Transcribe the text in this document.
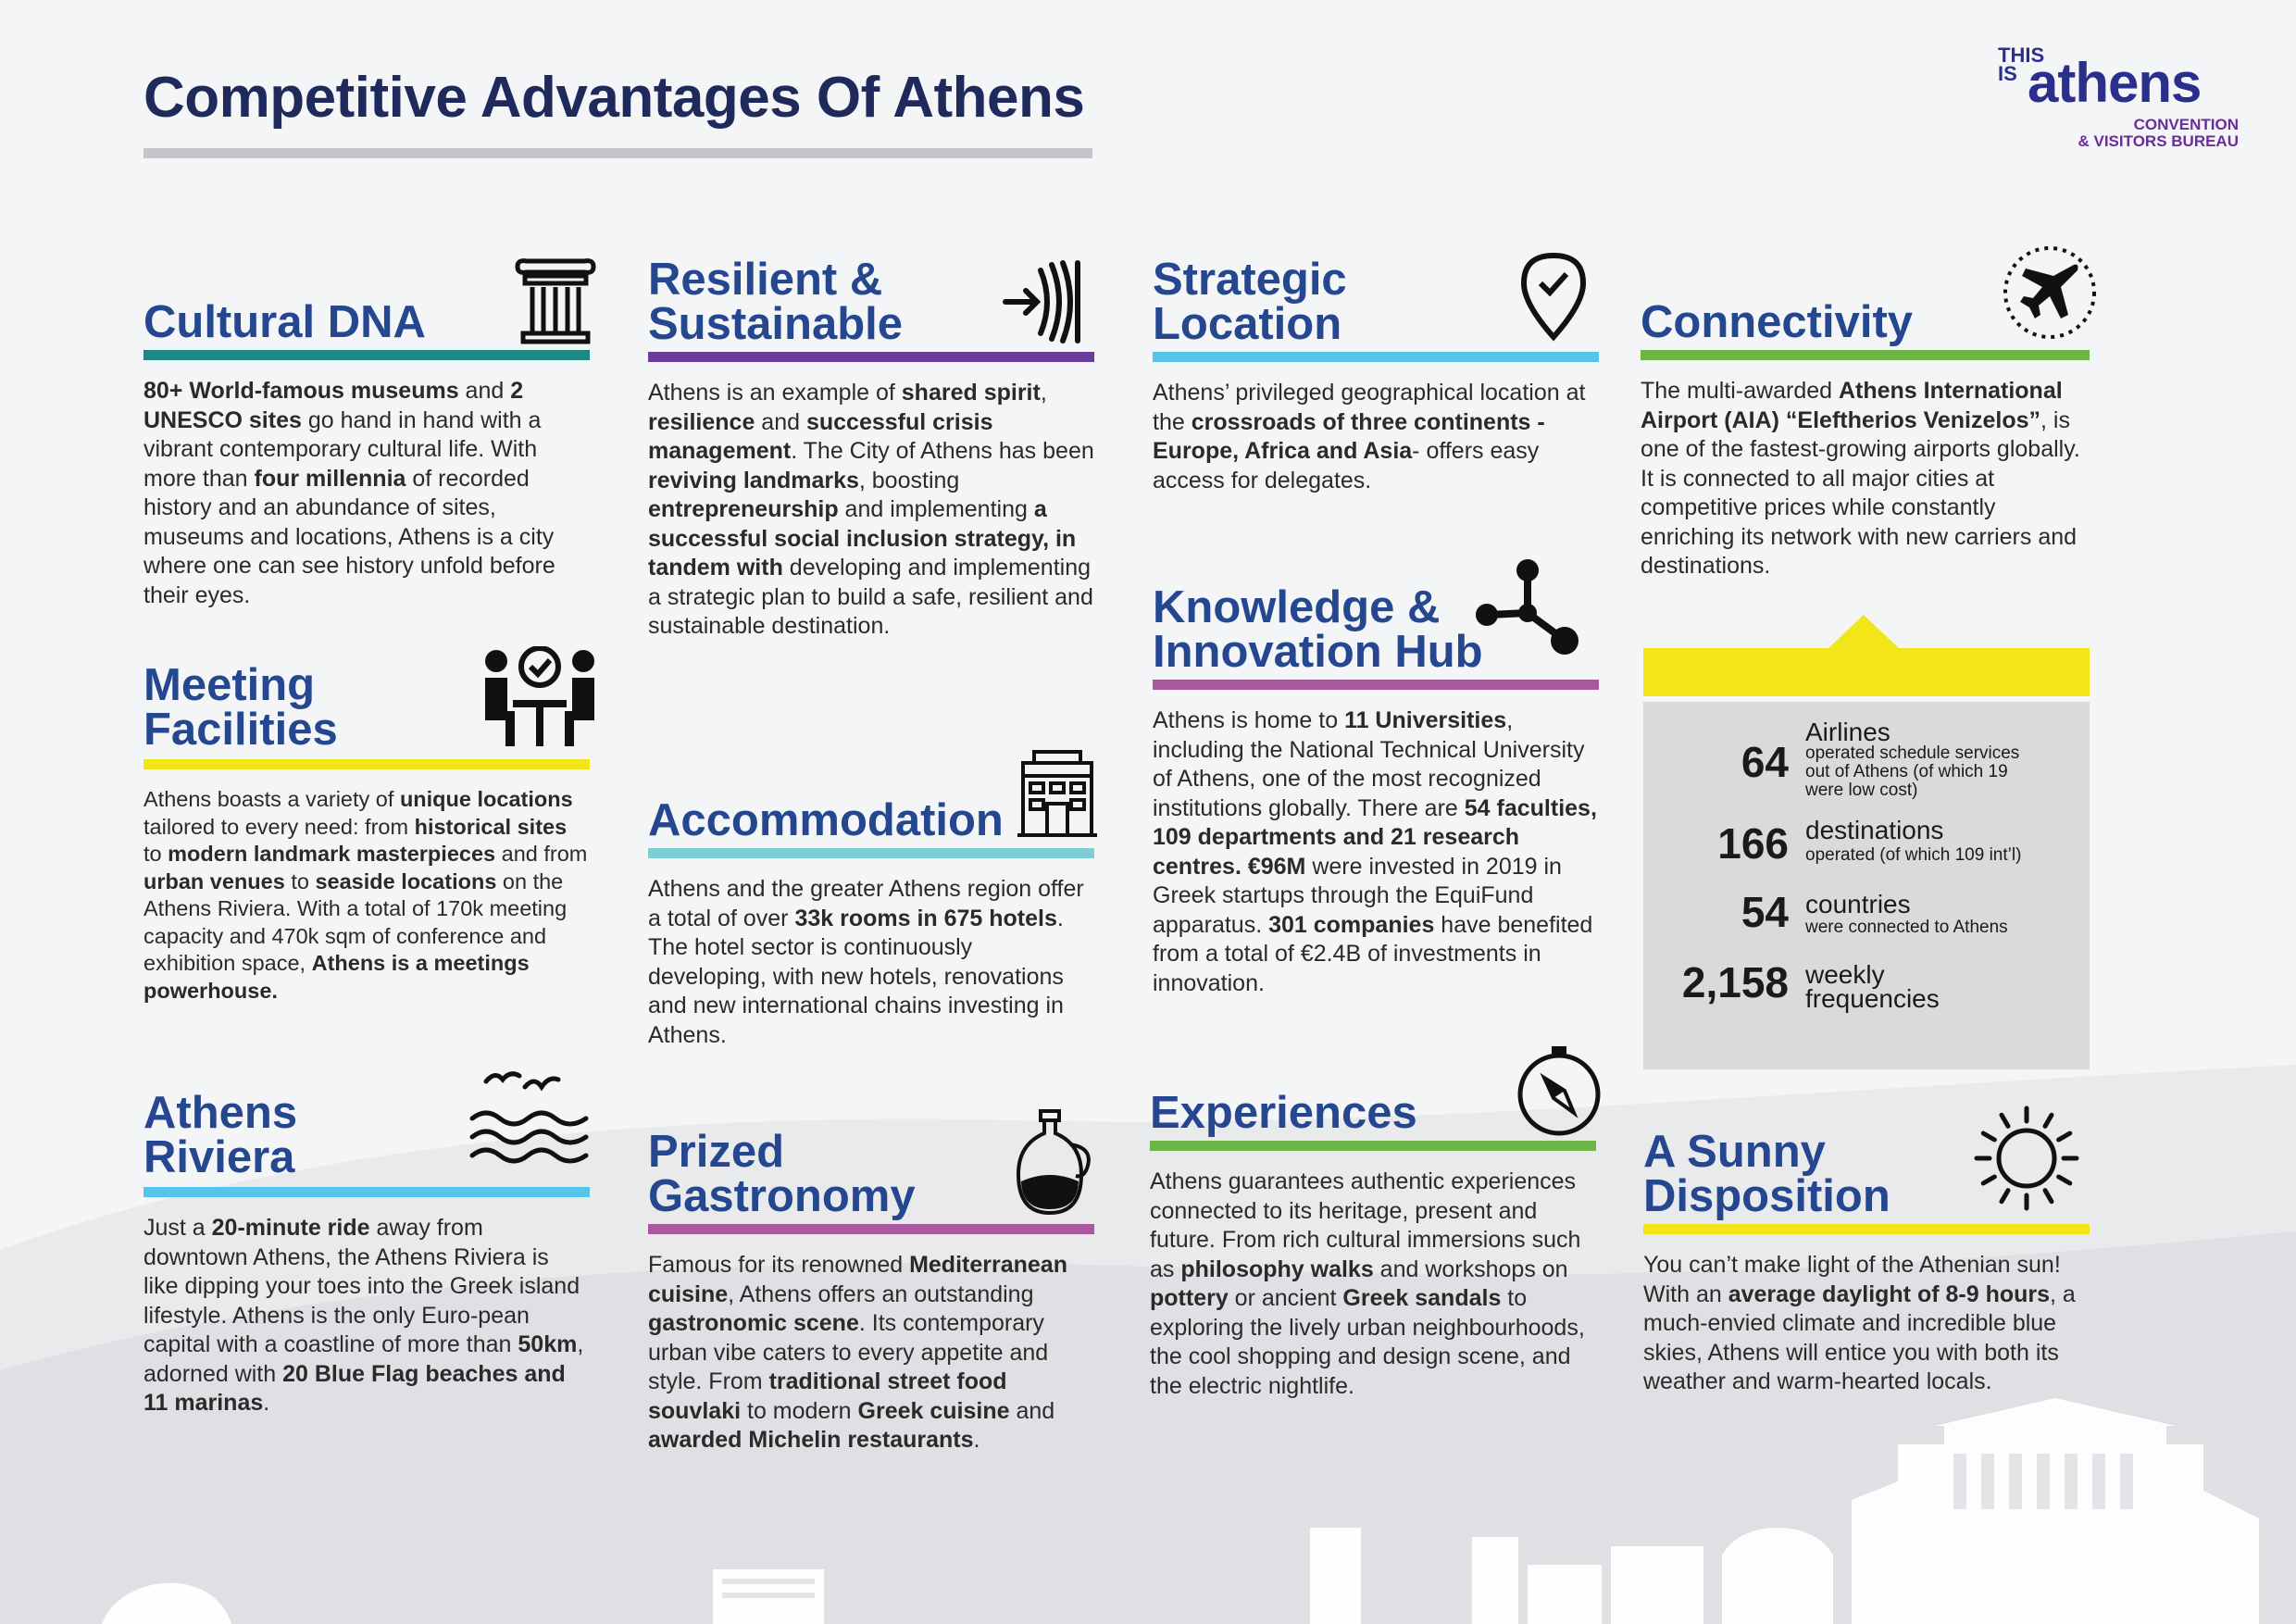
Competitive Advantages Of Athens
THIS
IS athens
CONVENTION
& VISITORS BUREAU
Cultural DNA
80+ World-famous museums and 2 UNESCO sites go hand in hand with a vibrant contemporary cultural life. With more than four millennia of recorded history and an abundance of sites, museums and locations, Athens is a city where one can see history unfold before their eyes.
Meeting Facilities
Athens boasts a variety of unique locations tailored to every need: from historical sites to modern landmark masterpieces and from urban venues to seaside locations on the Athens Riviera. With a total of 170k meeting capacity and 470k sqm of conference and exhibition space, Athens is a meetings powerhouse.
Athens Riviera
Just a 20-minute ride away from downtown Athens, the Athens Riviera is like dipping your toes into the Greek island lifestyle. Athens is the only Euro-pean capital with a coastline of more than 50km, adorned with 20 Blue Flag beaches and 11 marinas.
Resilient & Sustainable
Athens is an example of shared spirit, resilience and successful crisis management. The City of Athens has been reviving landmarks, boosting entrepreneurship and implementing a successful social inclusion strategy, in tandem with developing and implementing a strategic plan to build a safe, resilient and sustainable destination.
Accommodation
Athens and the greater Athens region offer a total of over 33k rooms in 675 hotels. The hotel sector is continuously developing, with new hotels, renovations and new international chains investing in Athens.
Prized Gastronomy
Famous for its renowned Mediterranean cuisine, Athens offers an outstanding gastronomic scene. Its contemporary urban vibe caters to every appetite and style. From traditional street food souvlaki to modern Greek cuisine and awarded Michelin restaurants.
Strategic Location
Athens’ privileged geographical location at the crossroads of three continents -Europe, Africa and Asia- offers easy access for delegates.
Knowledge & Innovation Hub
Athens is home to 11 Universities, including the National Technical University of Athens, one of the most recognized institutions globally. There are 54 faculties, 109 departments and 21 research centres. €96M were invested in 2019 in Greek startups through the EquiFund apparatus. 301 companies have benefited from a total of €2.4B of investments in innovation.
Experiences
Athens guarantees authentic experiences connected to its heritage, present and future. From rich cultural immersions such as philosophy walks and workshops on pottery or ancient Greek sandals to exploring the lively urban neighbourhoods, the cool shopping and design scene, and the electric nightlife.
Connectivity
The multi-awarded Athens International Airport (AIA) “Eleftherios Venizelos”, is one of the fastest-growing airports globally. It is connected to all major cities at competitive prices while constantly enriching its network with new carriers and destinations.
64
Airlines
operated schedule services out of Athens (of which 19 were low cost)
166 destinations
operated (of which 109 int’l)
54 countries
were connected to Athens
2,158 weekly frequencies
A Sunny Disposition
You can’t make light of the Athenian sun! With an average daylight of 8-9 hours, a much-envied climate and incredible blue skies, Athens will entice you with both its weather and warm-hearted locals.
